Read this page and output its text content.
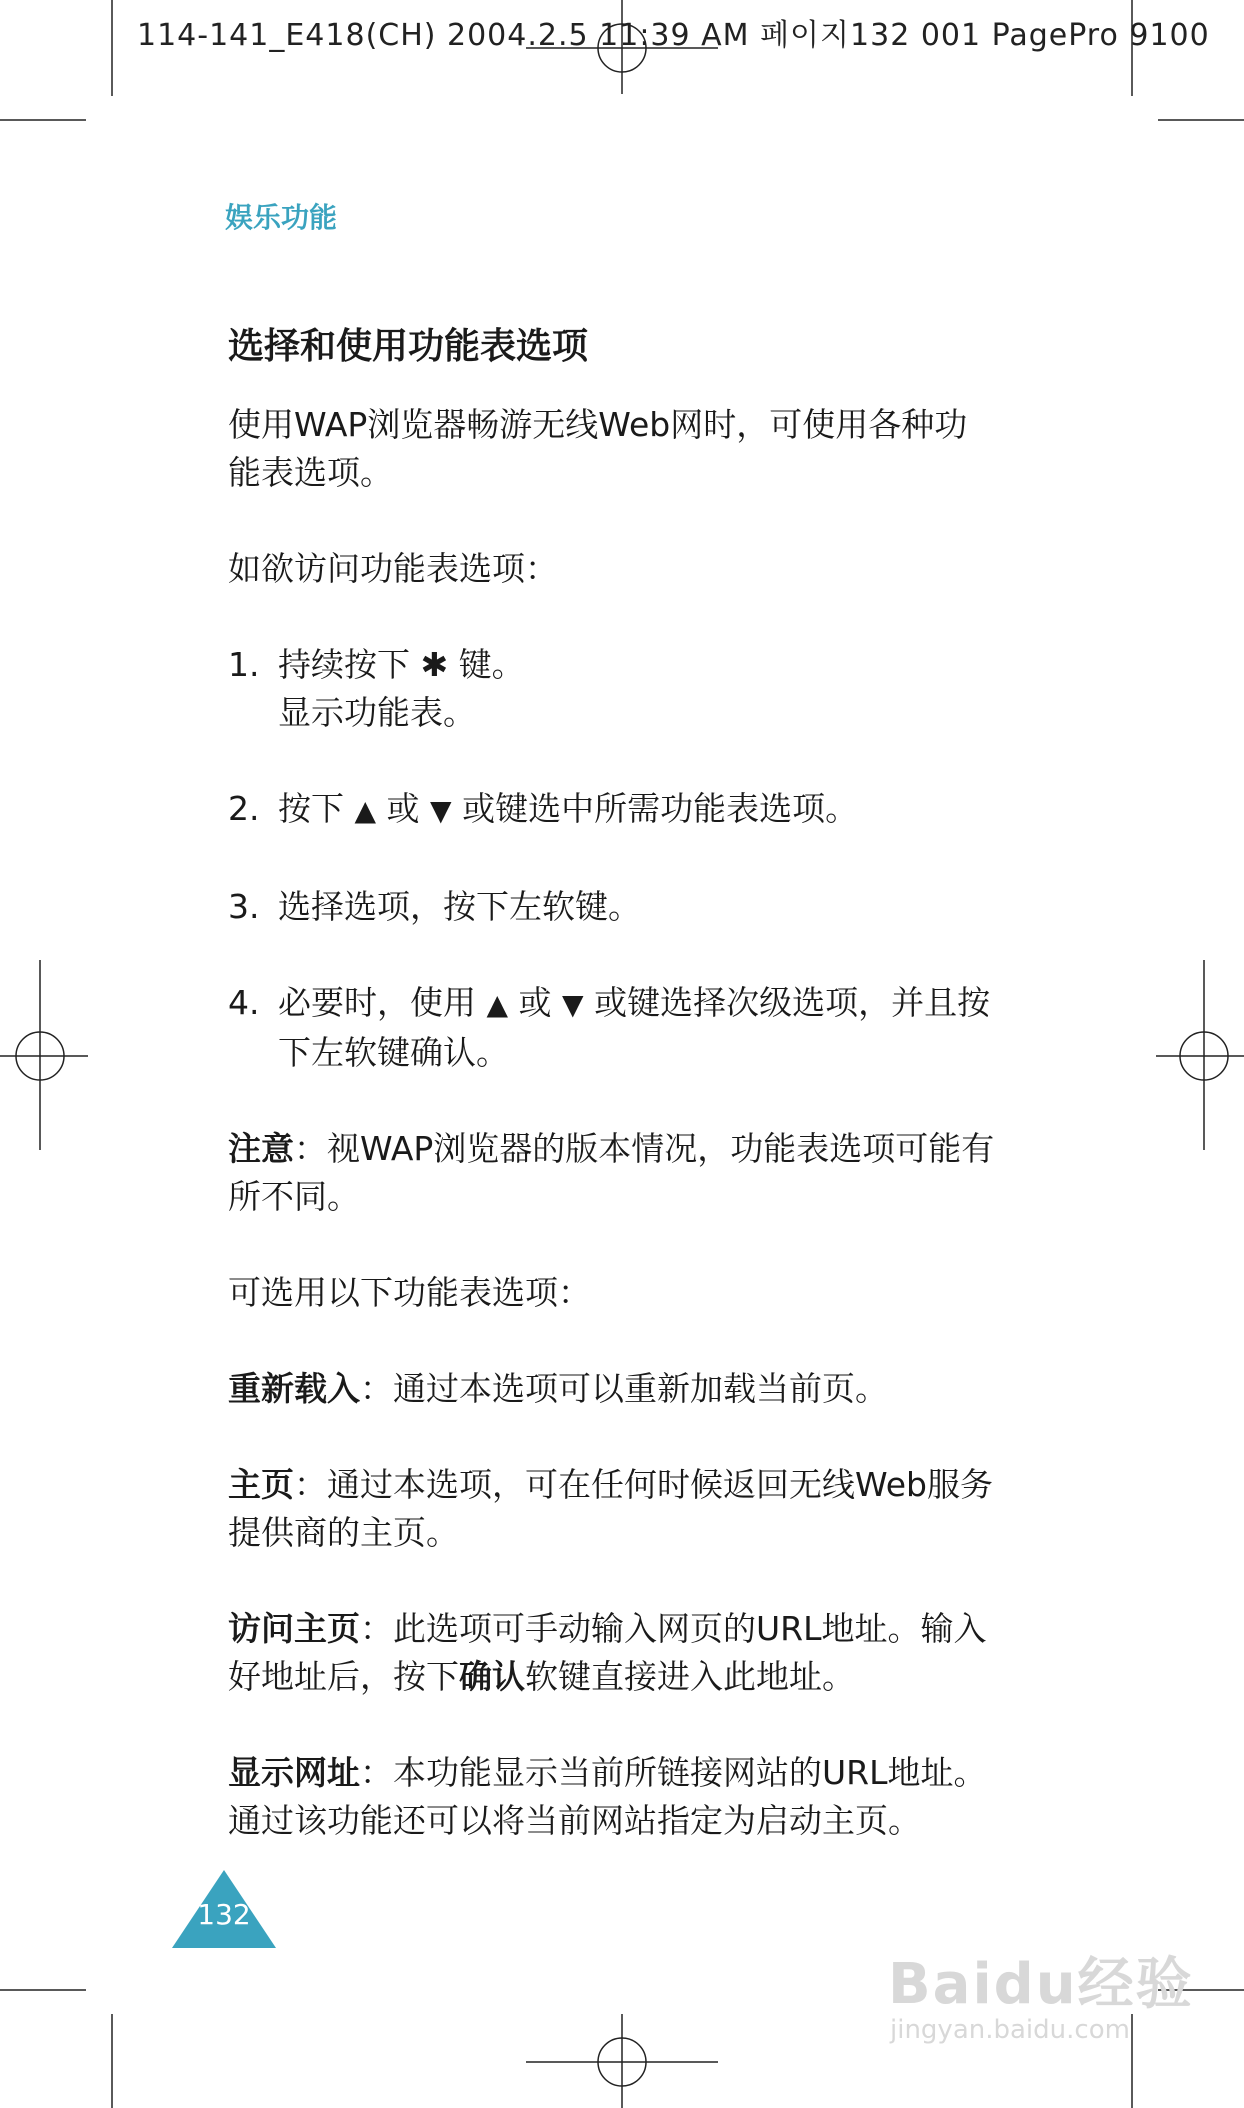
114-141_E418(CH) 2004.2.5 11:39 AM 페이지132 001 PagePro 9100
娱乐功能
选择和使用功能表选项

使用WAP浏览器畅游无线Web网时，可使用各种功能表选项。

如欲访问功能表选项：

1. 持续按下 ✱ 键。
显示功能表。
2. 按下 ▲ 或 ▼ 或键选中所需功能表选项。
3. 选择选项，按下左软键。
4. 必要时，使用 ▲ 或 ▼ 或键选择次级选项，并且按下左软键确认。

注意：视WAP浏览器的版本情况，功能表选项可能有所不同。

可选用以下功能表选项：

重新载入：通过本选项可以重新加载当前页。

主页：通过本选项，可在任何时候返回无线Web服务提供商的主页。

访问主页：此选项可手动输入网页的URL地址。输入好地址后，按下确认软键直接进入此地址。

显示网址：本功能显示当前所链接网站的URL地址。通过该功能还可以将当前网站指定为启动主页。

132
Baidu经验
jingyan.baidu.com
